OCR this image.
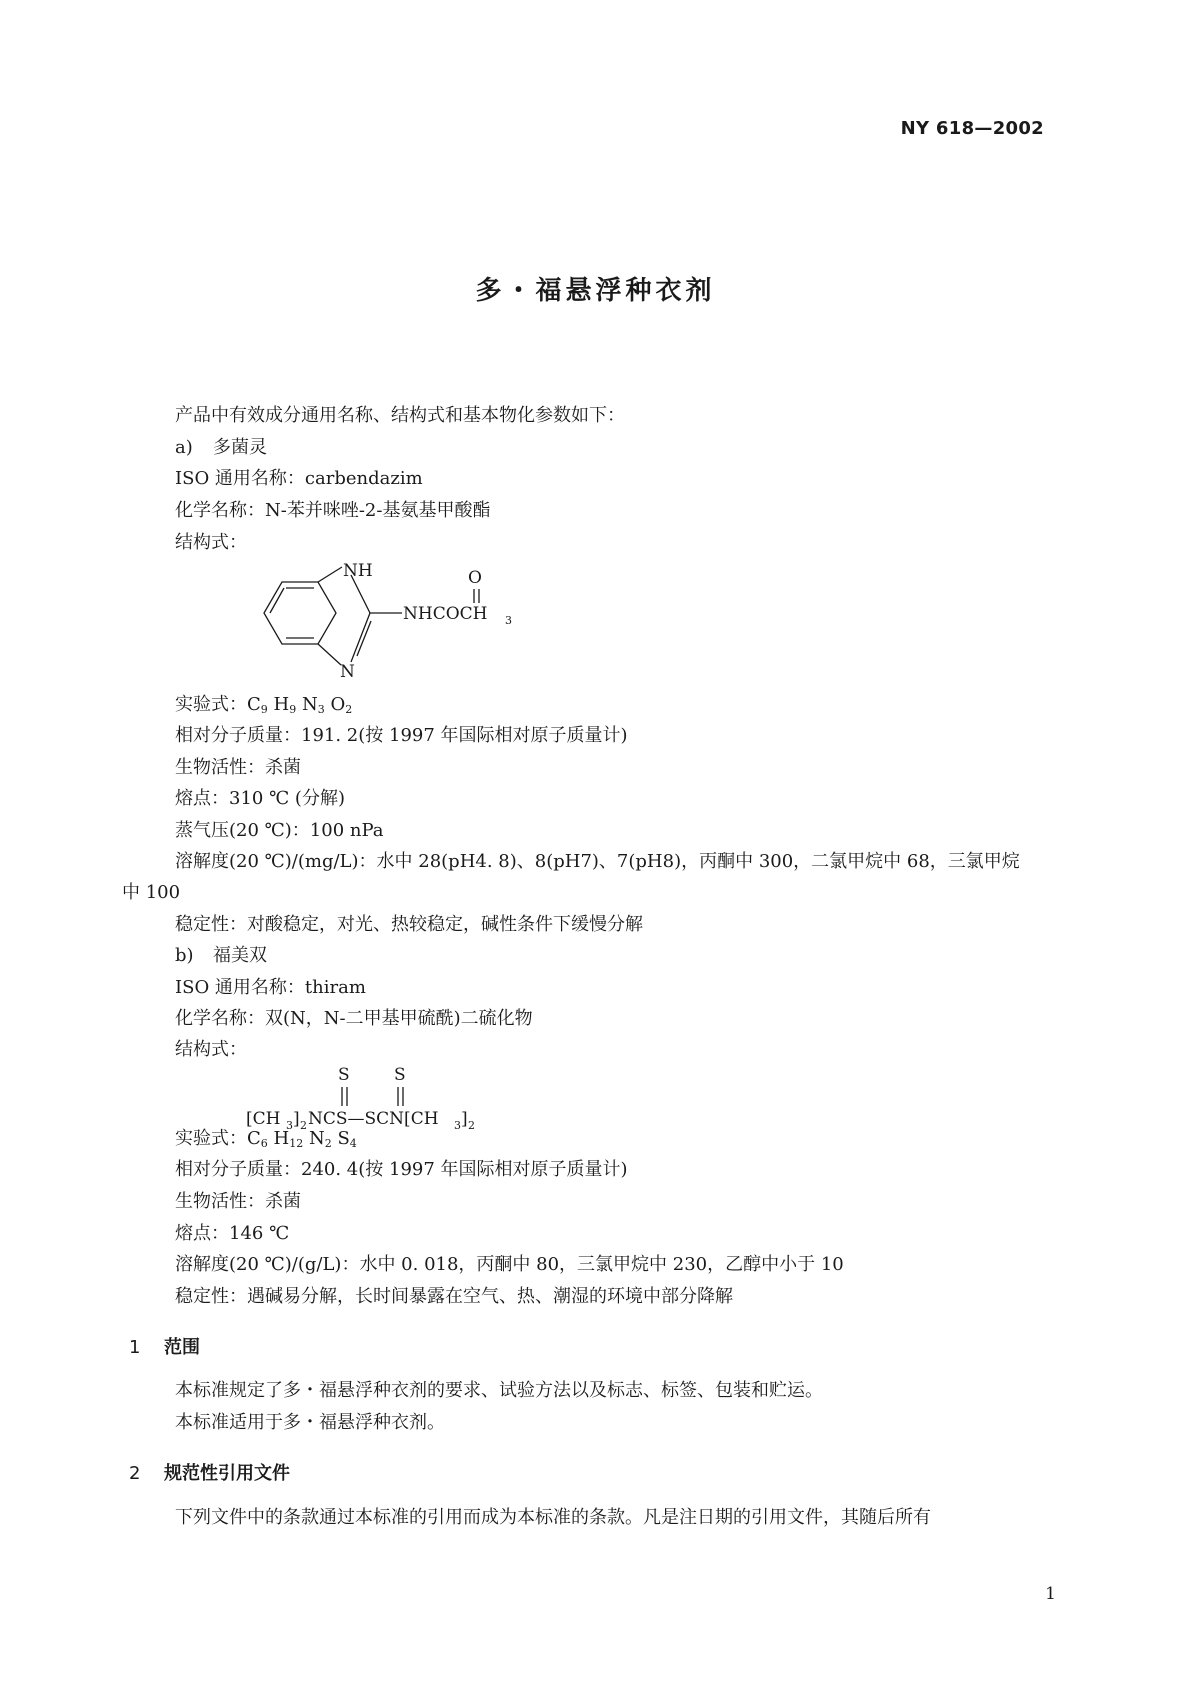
NY 618—2002
多・福悬浮种衣剂
产品中有效成分通用名称、结构式和基本物化参数如下：
a) 多菌灵
ISO 通用名称：carbendazim
化学名称：N-苯并咪唑-2-基氨基甲酸酯
结构式：
NH
N
O
NHCOCH 3
实验式：$C_9$ $H_9$ $N_3$ $O_2$
相对分子质量：191. 2(按 1997 年国际相对原子质量计)
生物活性：杀菌
熔点：310 ℃ (分解)
蒸气压(20 ℃)：100 nPa
溶解度(20 ℃)/(mg/L)：水中 28(pH4. 8)、8(pH7)、7(pH8)，丙酮中 300，二氯甲烷中 68，三氯甲烷
中 100
稳定性：对酸稳定，对光、热较稳定，碱性条件下缓慢分解
b) 福美双
ISO 通用名称：thiram
化学名称：双(N，N-二甲基甲硫酰)二硫化物
结构式：
S	S
[CH 3 ] 2 NCS—SCN[CH 3 ] 2
实验式：$C_6$ $H_{12}$ $N_2$ $S_4$
相对分子质量：240. 4(按 1997 年国际相对原子质量计)
生物活性：杀菌
熔点：146 ℃
溶解度(20 ℃)/(g/L)：水中 0. 018，丙酮中 80，三氯甲烷中 230，乙醇中小于 10
稳定性：遇碱易分解，长时间暴露在空气、热、潮湿的环境中部分降解
1 范围
本标准规定了多・福悬浮种衣剂的要求、试验方法以及标志、标签、包装和贮运。
本标准适用于多・福悬浮种衣剂。
2 规范性引用文件
下列文件中的条款通过本标准的引用而成为本标准的条款。凡是注日期的引用文件，其随后所有
1
